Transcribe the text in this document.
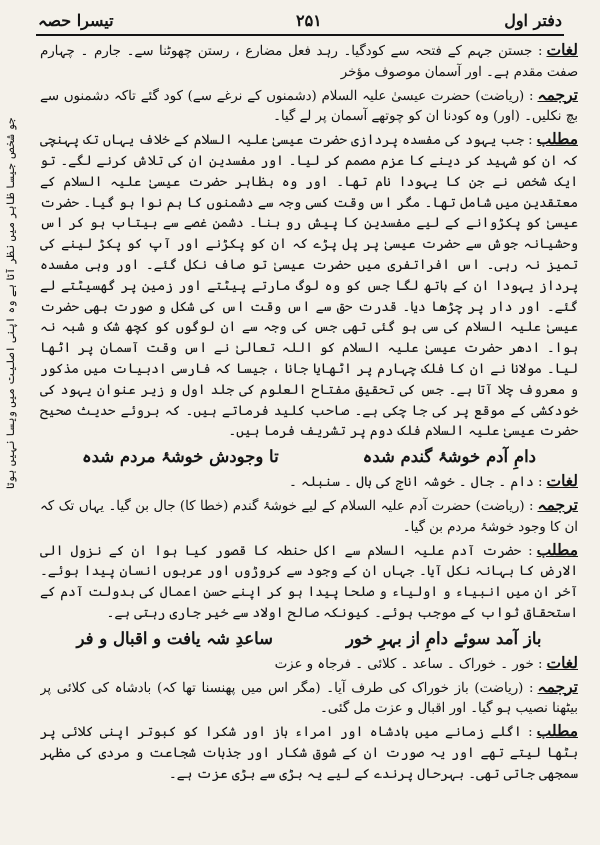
دفتر اول
۲۵۱
تیسرا حصہ
جو شخص جیسا ظاہر میں نظر آتا ہے وہ اپنی اصلیت میں ویسا نہیں ہوتا

لغات: جستن جہم کے فتحہ سے کودگیا۔ رہد فعل مضارع ، رستن چھوٹنا سے۔ جارم ۔ چہارم صفت مقدم ہے۔ اور آسمان موصوف مؤخر

ترجمہ: (ریاضت) حضرت عیسیٰ علیہ السلام (دشمنوں کے نرغے سے) کود گئے تاکہ دشمنوں سے بچ نکلیں۔ (اور) وہ کودنا ان کو چوتھے آسمان پر لے گیا۔

مطلب: جب یہود کی مفسدہ پردازی حضرت عیسیٰ علیہ السلام کے خلاف یہاں تک پہنچی کہ ان کو شہید کر دینے کا عزم مصمم کر لیا۔ اور مفسدین ان کی تلاش کرنے لگے۔ تو ایک شخص نے جن کا یہودا نام تھا۔ اور وہ بظاہر حضرت عیسیٰ علیہ السلام کے معتقدین میں شامل تھا۔ مگر اس وقت کسی وجہ سے دشمنوں کا ہم نوا ہو گیا۔ حضرت عیسیٰ کو پکڑوانے کے لیے مفسدین کا پیش رو بنا۔ دشمن غصے سے بیتاب ہو کر اس وحشیانہ جوش سے حضرت عیسیٰ پر پل پڑے کہ ان کو پکڑنے اور آپ کو پکڑ لینے کی تمیز نہ رہی۔ اس افراتفری میں حضرت عیسیٰ تو صاف نکل گئے۔ اور وہی مفسدہ پرداز یہودا ان کے ہاتھ لگا جس کو وہ لوگ مارتے پیٹتے اور زمین پر گھسیٹتے لے گئے۔ اور دار پر چڑھا دیا۔ قدرت حق سے اس وقت اس کی شکل و صورت بھی حضرت عیسیٰ علیہ السلام کی سی ہو گئی تھی جس کی وجہ سے ان لوگوں کو کچھ شک و شبہ نہ ہوا۔ ادھر حضرت عیسیٰ علیہ السلام کو اللہ تعالیٰ نے اس وقت آسمان پر اٹھا لیا۔ مولانا نے ان کا فلک چہارم پر اٹھایا جانا ، جیسا کہ فارسی ادبیات میں مذکور و معروف چلا آتا ہے۔ جس کی تحقیق مفتاح العلوم کی جلد اول و زیر عنوان یہود کی خودکشی کے موقع پر کی جا چکی ہے۔ صاحب کلید فرماتے ہیں۔ کہ بروئے حدیث صحیح حضرت عیسیٰ علیہ السلام فلک دوم پر تشریف فرما ہیں۔

دامِ آدم خوشۂ گندم شدہ
تا وجودش خوشۂ مردم شدہ

لغات: دام ۔ جال ۔ خوشہ اناج کی بال ۔ سنبلہ ۔

ترجمہ: (ریاضت) حضرت آدم علیہ السلام کے لیے خوشۂ گندم (خطا کا) جال بن گیا۔ یہاں تک کہ ان کا وجود خوشۂ مردم بن گیا۔

مطلب: حضرت آدم علیہ السلام سے اکل حنطہ کا قصور کیا ہوا ان کے نزول الی الارض کا بہانہ نکل آیا۔ جہاں ان کے وجود سے کروڑوں اور عربوں انسان پیدا ہوئے۔ آخر ان میں انبیاء و اولیاء و صلحا پیدا ہو کر اپنے حسن اعمال کی بدولت آدم کے استحقاق ثواب کے موجب ہوئے۔ کیونکہ صالح اولاد سے خیر جاری رہتی ہے۔

باز آمد سوئے دامِ از بہرِ خور
ساعدِ شہ یافت و اقبال و فر

لغات: خور ۔ خوراک ۔ ساعد ۔ کلائی ۔ فرجاہ و عزت

ترجمہ: (ریاضت) باز خوراک کی طرف آیا۔ (مگر اس میں پھنسنا تھا کہ) بادشاہ کی کلائی پر بیٹھنا نصیب ہو گیا۔ اور اقبال و عزت مل گئی۔

مطلب: اگلے زمانے میں بادشاہ اور امراء باز اور شکرا کو کبوتر اپنی کلائی پر بٹھا لیتے تھے اور یہ صورت ان کے شوق شکار اور جذبات شجاعت و مردی کی مظہر سمجھی جاتی تھی۔ بہرحال پرندے کے لیے یہ بڑی سے بڑی عزت ہے۔
